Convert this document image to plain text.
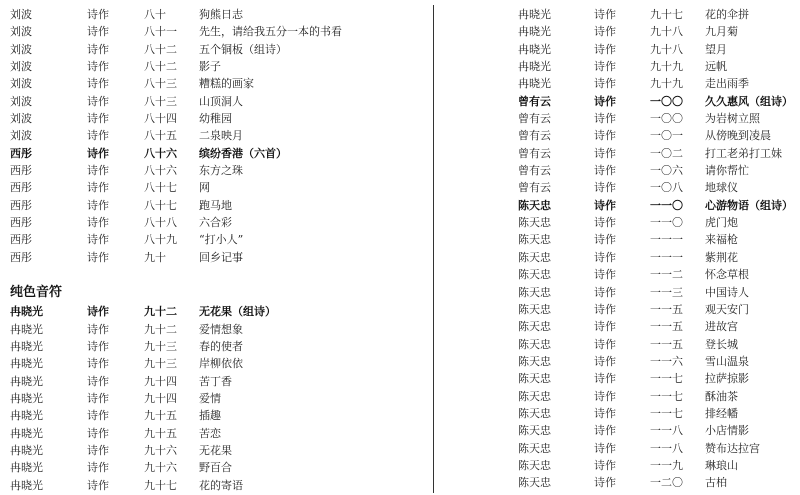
刘波	诗作	八十	狗熊日志
刘波	诗作	八十一 先生，请给我五分一本的书看
刘波	诗作	八十二 五个铜板（组诗）
刘波	诗作	八十二 影子
刘波	诗作	八十三 糟糕的画家
刘波	诗作	八十三 山顶洞人
刘波	诗作	八十四 幼稚园
刘波	诗作	八十五 二泉映月
西彤	诗作	八十六 缤纷香港（六首）
西彤	诗作	八十六 东方之珠
西彤	诗作	八十七 网
西彤	诗作	八十七 跑马地
西彤	诗作	八十八 六合彩
西彤	诗作	八十九 “打小人”
西彤	诗作	九十	回乡记事
纯色音符
冉晓光	诗作	九十二 无花果（组诗）
冉晓光	诗作	九十二 爱情想象
冉晓光	诗作	九十三 春的使者
冉晓光	诗作	九十三 岸柳依依
冉晓光	诗作	九十四 苦丁香
冉晓光	诗作	九十四 爱情
冉晓光	诗作	九十五 插趣
冉晓光	诗作	九十五 苦恋
冉晓光	诗作	九十六 无花果
冉晓光	诗作	九十六 野百合
冉晓光	诗作	九十七 花的寄语
冉晓光	诗作	九十七 花的伞拼
冉晓光	诗作	九十八 九月菊
冉晓光	诗作	九十八 望月
冉晓光	诗作	九十九 远帆
冉晓光	诗作	九十九 走出雨季
曾有云	诗作	一〇〇 久久惠风（组诗）
曾有云	诗作	一〇〇 为岩树立照
曾有云	诗作	一〇一 从傍晚到凌晨
曾有云	诗作	一〇二 打工老弟打工妹
曾有云	诗作	一〇六 请你帮忙
曾有云	诗作	一〇八 地球仪
陈天忠	诗作	一一〇 心游物语（组诗）
陈天忠	诗作	一一〇 虎门炮
陈天忠	诗作	一一一 来福枪
陈天忠	诗作	一一一 紫荆花
陈天忠	诗作	一一二 怀念草根
陈天忠	诗作	一一三 中国诗人
陈天忠	诗作	一一五 观天安门
陈天忠	诗作	一一五 进故宫
陈天忠	诗作	一一五 登长城
陈天忠	诗作	一一六 雪山温泉
陈天忠	诗作	一一七 拉萨掠影
陈天忠	诗作	一一七 酥油茶
陈天忠	诗作	一一七 排经幡
陈天忠	诗作	一一八 小店情影
陈天忠	诗作	一一八 赞布达拉宫
陈天忠	诗作	一一九 琳琅山
陈天忠	诗作	一二〇 古柏
